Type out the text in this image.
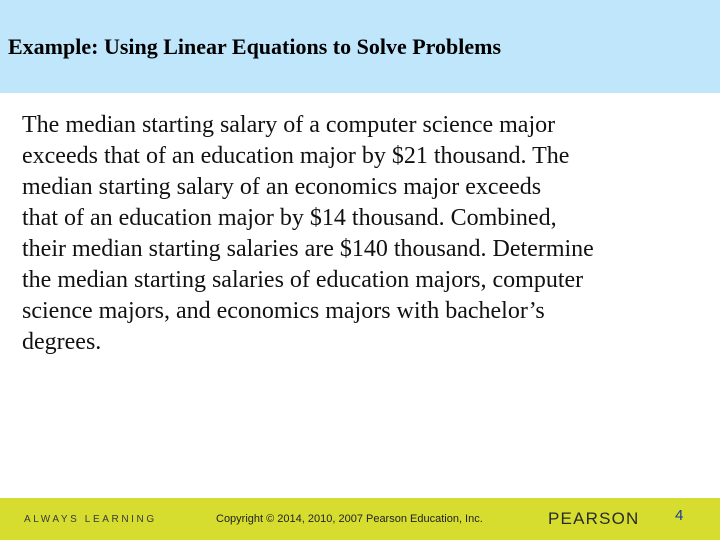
Example: Using Linear Equations to Solve Problems
The median starting salary of a computer science major
exceeds that of an education major by $21 thousand. The
median starting salary of an economics major exceeds
that of an education major by $14 thousand. Combined,
their median starting salaries are $140 thousand. Determine
the median starting salaries of education majors, computer
science majors, and economics majors with bachelor’s
degrees.
ALWAYS LEARNING	Copyright © 2014, 2010, 2007 Pearson Education, Inc.	PEARSON 4
